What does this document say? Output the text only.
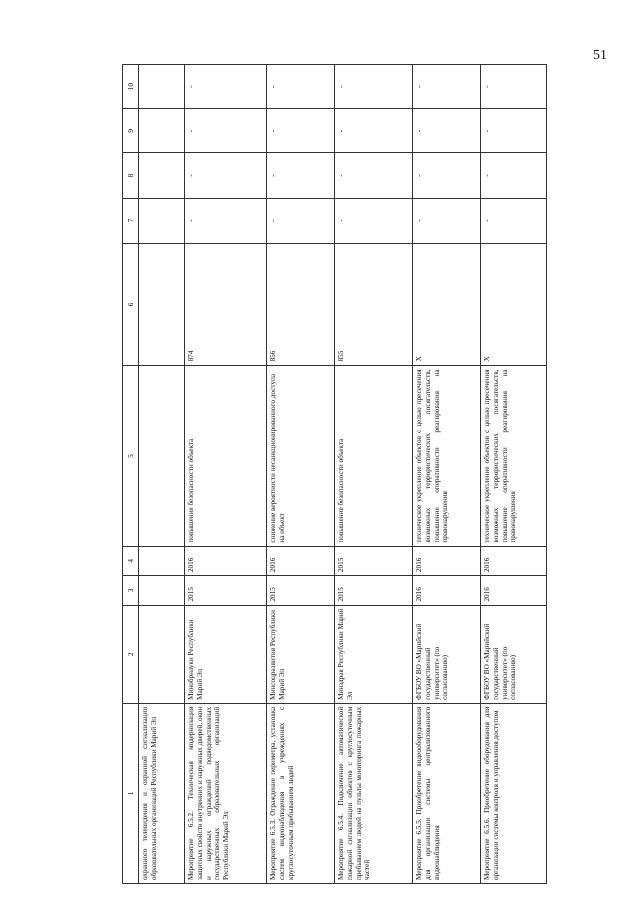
51
1	2	3	4	5	6	7	8	9	10
охранного телевидения и охранной сигнализации образовательных организаций Республики Марий Эл									
Мероприятие 6.5.2. Техническая модернизация защитных свойств внутренних и наружных дверей, окон и наружных ограждений подведомственных государственных образовательных организаций Республики Марий Эл	Минобрнауки Республики Марий Эл	2015	2016	повышение безопасности объекта	874	-	-	-	-
Мероприятие 6.5.3. Ограждение периметра, установка систем видеонаблюдения в учреждениях с круглосуточным пребыванием людей	Минсоцразвития Республики Марий Эл	2015	2016	снижение вероятности несанкционированного доступа на объект	856	-	-	-	-
Мероприятие 6.5.4. Подключение автоматической пожарной сигнализации объектов с круглосуточным пребыванием людей на пульты мониторинга пожарных частей	Минздрав Республики Марий Эл	2015	2015	повышение безопасности объекта	855	-	-	-	-
Мероприятие 6.5.5. Приобретение видеооборудования для организации системы централизованного видеонаблюдения	ФГБОУ ВО «Марийский государственный университет» (по согласованию)	2016	2016	техническое укрепление объектов с целью пресечения возможных террористических посягательств, повышение оперативности реагирования на правонарушения	X	-	-	-	-
Мероприятие 6.5.6. Приобретение оборудования для организации системы контроля и управления доступом	ФГБОУ ВО «Марийский государственный университет» (по согласованию)	2016	2016	техническое укрепление объектов с целью пресечения возможных террористических посягательств, повышение оперативности реагирования на правонарушения	X	-	-	-	-
